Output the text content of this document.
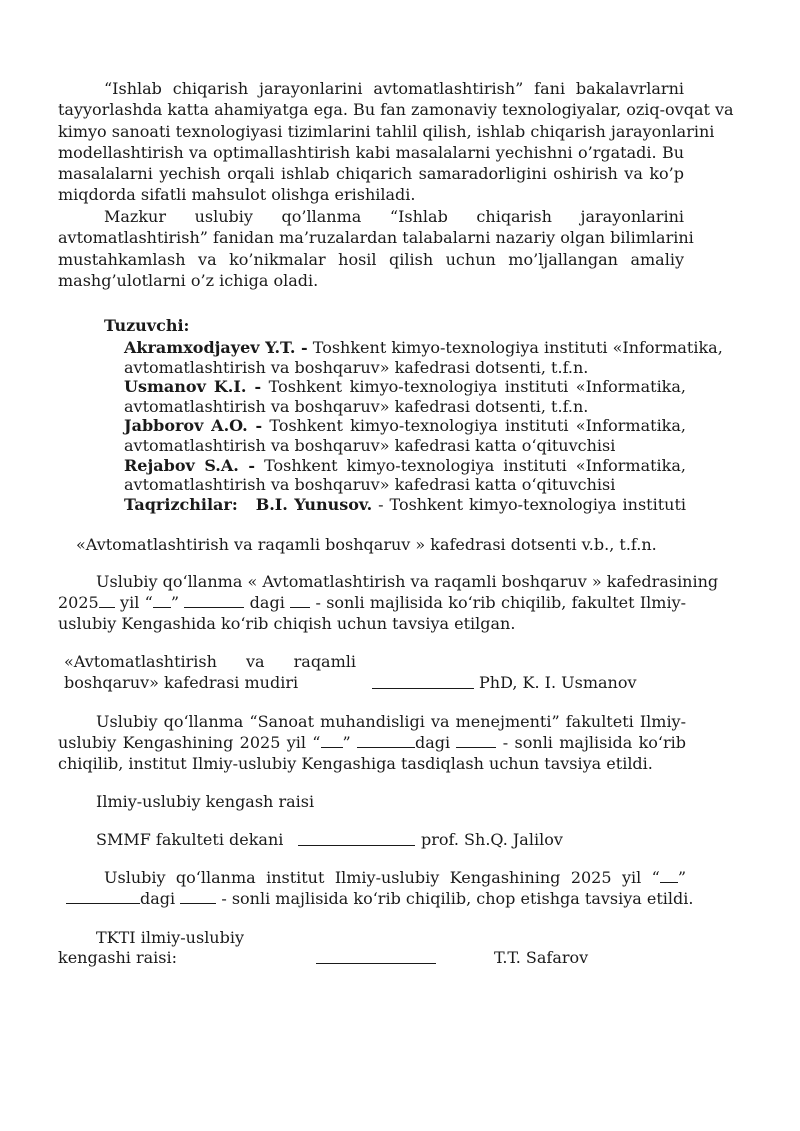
“Ishlab chiqarish jarayonlarini avtomatlashtirish” fani bakalavrlarni
tayyorlashda katta ahamiyatga ega. Bu fan zamonaviy texnologiyalar, oziq-ovqat va
kimyo sanoati texnologiyasi tizimlarini tahlil qilish, ishlab chiqarish jarayonlarini
modellashtirish va optimallashtirish kabi masalalarni yechishni o’rgatadi. Bu
masalalarni yechish orqali ishlab chiqarich samaradorligini oshirish va ko’p
miqdorda sifatli mahsulot olishga erishiladi.
Mazkur uslubiy qo’llanma “Ishlab chiqarish jarayonlarini
avtomatlashtirish” fanidan ma’ruzalardan talabalarni nazariy olgan bilimlarini
mustahkamlash va ko’nikmalar hosil qilish uchun mo’ljallangan amaliy
mashg’ulotlarni o’z ichiga oladi.
Tuzuvchi:
Akramxodjayev Y.T. - Toshkent kimyo-texnologiya instituti «Informatika,
avtomatlashtirish va boshqaruv» kafedrasi dotsenti, t.f.n.
Usmanov K.I. - Toshkent kimyo-texnologiya instituti «Informatika,
avtomatlashtirish va boshqaruv» kafedrasi dotsenti, t.f.n.
Jabborov A.O. - Toshkent kimyo-texnologiya instituti «Informatika,
avtomatlashtirish va boshqaruv» kafedrasi katta o‘qituvchisi
Rejabov S.A. - Toshkent kimyo-texnologiya instituti «Informatika,
avtomatlashtirish va boshqaruv» kafedrasi katta o‘qituvchisi
Taqrizchilar: B.I. Yunusov. - Toshkent kimyo-texnologiya instituti
«Avtomatlashtirish va raqamli boshqaruv » kafedrasi dotsenti v.b., t.f.n.
Uslubiy qo‘llanma « Avtomatlashtirish va raqamli boshqaruv » kafedrasining
2025 yil “ ”	dagi  - sonli majlisida ko‘rib chiqilib, fakultet Ilmiy-
uslubiy Kengashida ko‘rib chiqish uchun tavsiya etilgan.
«Avtomatlashtirish va raqamli
boshqaruv» kafedrasi mudiri	PhD, K. I. Usmanov
Uslubiy qo‘llanma “Sanoat muhandisligi va menejmenti” fakulteti Ilmiy-
uslubiy Kengashining 2025 yil “ ”	dagi	- sonli majlisida ko‘rib
chiqilib, institut Ilmiy-uslubiy Kengashiga tasdiqlash uchun tavsiya etildi.
Ilmiy-uslubiy kengash raisi
SMMF fakulteti dekani	prof. Sh.Q. Jalilov
Uslubiy qo‘llanma institut Ilmiy-uslubiy Kengashining 2025 yil “ ”
dagi  - sonli majlisida ko‘rib chiqilib, chop etishga tavsiya etildi.
TKTI ilmiy-uslubiy
kengashi raisi:	T.T. Safarov
